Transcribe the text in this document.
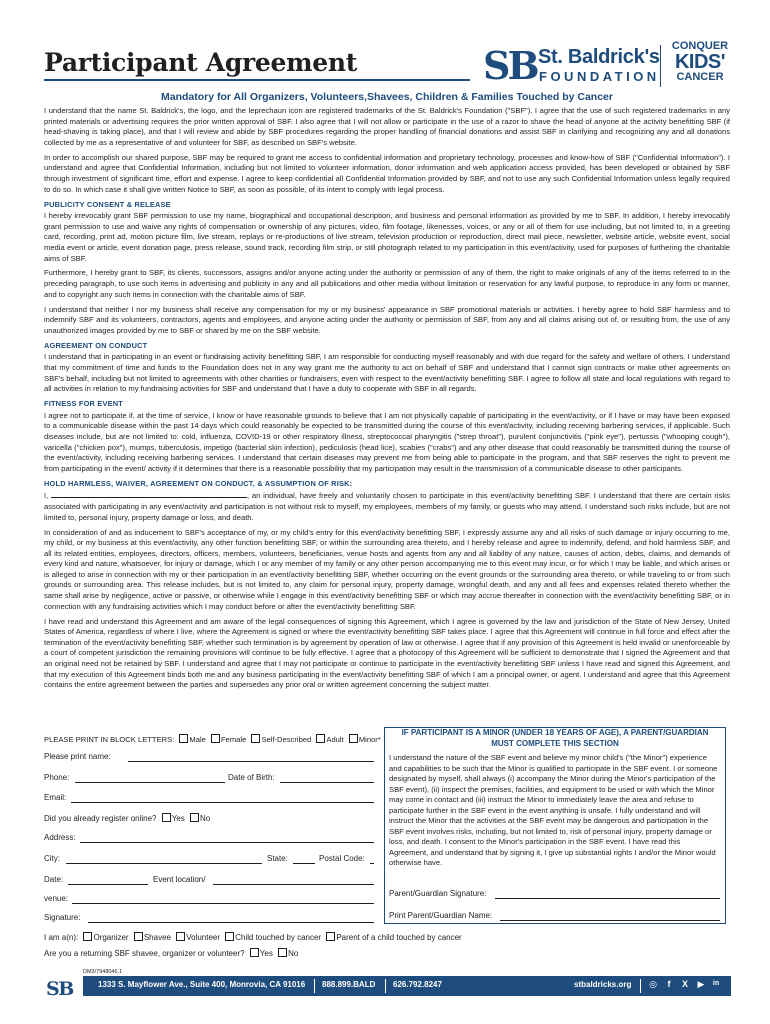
Participant Agreement	SB St. Baldrick's
FOUNDATION
CONQUER
KIDS'
CANCER
Mandatory for All Organizers, Volunteers,Shavees, Children & Families Touched by Cancer

I understand that the name St. Baldrick's, the logo, and the leprechaun icon are registered trademarks of the St. Baldrick's Foundation ("SBF"). I agree that the use of such registered trademarks in any printed materials or advertising requires the prior written approval of SBF. I also agree that I will not allow or participate in the use of a razor to shave the head of anyone at the activity benefitting SBF (if head-shaving is taking place), and that I will review and abide by SBF procedures regarding the proper handling of financial donations and assist SBF in clarifying and recognizing any and all donations collected by me as a representative of and volunteer for SBF, as described on SBF's website.

In order to accomplish our shared purpose, SBF may be required to grant me access to confidential information and proprietary technology, processes and know-how of SBF ("Confidential Information"). I understand and agree that Confidential Information, including but not limited to volunteer information, donor information and web application access provided, has been developed or obtained by SBF through investment of significant time, effort and expense. I agree to keep confidential all Confidential Information provided by SBF, and not to use any such Confidential Information unless legally required to do so. In which case it shall give written Notice to SBF, as soon as possible, of its intent to comply with legal process.

PUBLICITY CONSENT & RELEASE

I hereby irrevocably grant SBF permission to use my name, biographical and occupational description, and business and personal information as provided by me to SBF. In addition, I hereby irrevocably grant permission to use and waive any rights of compensation or ownership of any pictures, video, film footage, likenesses, voices, or any or all of them for use including, but not limited to, in a greeting card, recording, print ad, motion picture film, live stream, replays or re-productions of live stream, television production or reproduction, direct mail piece, newsletter, website article, website event, social media event or article, event donation page, press release, sound track, recording film strip, or still photograph related to my participation in this event/activity, used for purposes of furthering the charitable aims of SBF.

Furthermore, I hereby grant to SBF, its clients, successors, assigns and/or anyone acting under the authority or permission of any of them, the right to make originals of any of the items referred to in the preceding paragraph, to use such items in advertising and publicity in any and all publications and other media without limitation or reservation for any lawful purpose, to reproduce in any form or manner, and to copyright any such items in connection with the charitable aims of SBF.

I understand that neither I nor my business shall receive any compensation for my or my business' appearance in SBF promotional materials or activities. I hereby agree to hold SBF harmless and to indemnify SBF and its volunteers, contractors, agents and employees, and anyone acting under the authority or permission of SBF, from any and all claims arising out of, or resulting from, the use of any unauthorized images provided by me to SBF or shared by me on the SBF website.

AGREEMENT ON CONDUCT

I understand that in participating in an event or fundraising activity benefitting SBF, I am responsible for conducting myself reasonably and with due regard for the safety and welfare of others. I understand that my commitment of time and funds to the Foundation does not in any way grant me the authority to act on behalf of SBF and understand that I cannot sign contracts or make other agreements on SBF's behalf, including but not limited to agreements with other charities or fundraisers, even with respect to the event/activity benefitting SBF. I agree to follow all state and local regulations with regard to all activities in relation to my fundraising activities for SBF and understand that I have a duty to cooperate with SBF in all regards.

FITNESS FOR EVENT

I agree not to participate if, at the time of service, I know or have reasonable grounds to believe that I am not physically capable of participating in the event/activity, or if I have or may have been exposed to a communicable disease within the past 14 days which could reasonably be expected to be transmitted during the course of this event/activity, including receiving barbering services, if applicable. Such diseases include, but are not limited to: cold, influenza, COVID-19 or other respiratory illness, streptococcal pharyngitis ("strep throat"), purulent conjunctivitis ("pink eye"), pertussis ("whooping cough"), varicella ("chicken pox"), mumps, tuberculosis, impetigo (bacterial skin infection), pediculosis (head lice), scabies ("crabs") and any other disease that could reasonably be transmitted during the course of the event/activity, including receiving barbering services. I understand that certain diseases may prevent me from being able to participate in the program, and that SBF reserves the right to prevent me from participating in the event/ activity if it determines that there is a reasonable possibility that my participation may result in the transmission of a communicable disease to other participants.

HOLD HARMLESS, WAIVER, AGREEMENT ON CONDUCT, & ASSUMPTION OF RISK:

I,	, an individual, have freely and voluntarily chosen to participate in this event/activity benefitting SBF. I understand that there are certain risks associated with participating in any event/activity and participation is not without risk to myself, my employees, members of my family, or guests who may attend. I understand such risks include, but are not limited to, personal injury, property damage or loss, and death.

In consideration of and as inducement to SBF's acceptance of my, or my child's entry for this event/activity benefitting SBF, I expressly assume any and all risks of such damage or injury occurring to me, my child, or my business at this event/activity, any other function benefitting SBF, or within the surrounding area thereto, and I hereby release and agree to indemnify, defend, and hold harmless SBF, and all its related entities, employees, directors, officers, members, volunteers, beneficiaries, venue hosts and agents from any and all liability of any nature, causes of action, debts, claims, and demands of every kind and nature, whatsoever, for injury or damage, which I or any member of my family or any other person accompanying me to this event may incur, or for which I may be liable, and which arises or is alleged to arise in connection with my or their participation in an event/activity benefitting SBF, whether occurring on the event grounds or the surrounding area thereto, or while traveling to or from such grounds or surrounding area. This release includes, but is not limited to, any claim for personal injury, property damage, wrongful death, and any and all fees and expenses related thereto whether the same shall arise by negligence, active or passive, or otherwise while I engage in this event/activity benefitting SBF or which may accrue thereafter in connection with the event/activity benefitting SBF, or in connection with any fundraising activities which I may conduct before or after the event/activity benefitting SBF.

I have read and understand this Agreement and am aware of the legal consequences of signing this Agreement, which I agree is governed by the law and jurisdiction of the State of New Jersey, United States of America, regardless of where I live, where the Agreement is signed or where the event/activity benefitting SBF takes place. I agree that this Agreement will continue in full force and effect after the termination of the event/activity benefitting SBF, whether such termination is by agreement by operation of law or otherwise. I agree that if any provision of this Agreement is held invalid or unenforceable by a court of competent jurisdiction the remaining provisions will continue to be fully effective. I agree that a photocopy of this Agreement will be sufficient to demonstrate that I signed the Agreement and that an original need not be retained by SBF. I understand and agree that I may not participate or continue to participate in the event/activity benefitting SBF unless I have read and signed this Agreement, and that my execution of this Agreement binds both me and any business participating in the event/activity benefitting SBF of which I am a principal owner, or agent. I understand and agree that this Agreement contains the entire agreement between the parties and supersedes any prior oral or written agreement concerning the subject matter.

PLEASE PRINT IN BLOCK LETTERS: Male Female Self-Described Adult Minor*
Please print name:
Phone:	Date of Birth:
Email:
Did you already register online? Yes No
Address:
City:	State:	Postal Code:
Date:	Event location/
venue:
Signature:
I am a(n): Organizer Shavee Volunteer Child touched by cancer Parent of a child touched by cancer
Are you a returning SBF shavee, organizer or volunteer? Yes No
IF PARTICIPANT IS A MINOR (UNDER 18 YEARS OF AGE), A PARENT/GUARDIAN MUST COMPLETE THIS SECTION
I understand the nature of the SBF event and believe my minor child's ("the Minor") experience and capabilities to be such that the Minor is qualified to participate in the SBF event. I or someone designated by myself, shall always (i) accompany the Minor during the Minor's participation of the SBF event), (ii) inspect the premises, facilities, and equipment to be used or with which the Minor may come in contact and (iii) instruct the Minor to immediately leave the area and refuse to participate further in the SBF event in the event anything is unsafe. I fully understand and will instruct the Minor that the activities at the SBF event may be dangerous and participation in the SBF event involves risks, including, but not limited to, risk of personal injury, property damage or loss, and death. I consent to the Minor's participation in the SBF event. I have read this Agreement, and understand that by signing it, I give up substantial rights I and/or the Minor would otherwise have.
Parent/Guardian Signature:
Print Parent/Guardian Name:
DM3/7948046.1
SB	1333 S. Mayflower Ave., Suite 400, Monrovia, CA 91016 888.899.BALD 626.792.8247	stbaldricks.org ◎	f	X ▶ in
